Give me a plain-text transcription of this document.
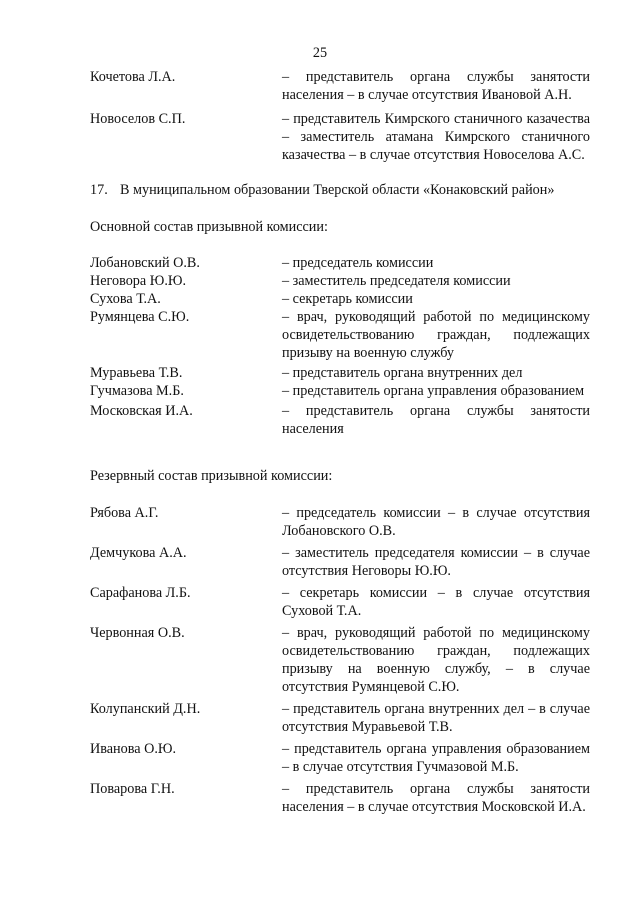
25
Кочетова Л.А.	– представитель органа службы занятости населения – в случае отсутствия Ивановой А.Н.
Новоселов С.П.	– представитель Кимрского станичного казачества – заместитель атамана Кимрского станичного казачества – в случае отсутствия Новоселова А.С.
17. В муниципальном образовании Тверской области «Конаковский район»
Основной состав призывной комиссии:
Лобановский О.В.	– председатель комиссии
Неговора Ю.Ю.	– заместитель председателя комиссии
Сухова Т.А.	– секретарь комиссии
Румянцева С.Ю.	– врач, руководящий работой по медицинскому освидетельствованию граждан, подлежащих призыву на военную службу
Муравьева Т.В.	– представитель органа внутренних дел
Гучмазова М.Б.	– представитель органа управления образованием
Московская И.А.	– представитель органа службы занятости населения
Резервный состав призывной комиссии:
Рябова А.Г.	– председатель комиссии – в случае отсутствия Лобановского О.В.
Демчукова А.А.	– заместитель председателя комиссии – в случае отсутствия Неговоры Ю.Ю.
Сарафанова Л.Б.	– секретарь комиссии – в случае отсутствия Суховой Т.А.
Червонная О.В.	– врач, руководящий работой по медицинскому освидетельствованию граждан, подлежащих призыву на военную службу, – в случае отсутствия Румянцевой С.Ю.
Колупанский Д.Н.	– представитель органа внутренних дел – в случае отсутствия Муравьевой Т.В.
Иванова О.Ю.	– представитель органа управления образованием – в случае отсутствия Гучмазовой М.Б.
Поварова Г.Н.	– представитель органа службы занятости населения – в случае отсутствия Московской И.А.
